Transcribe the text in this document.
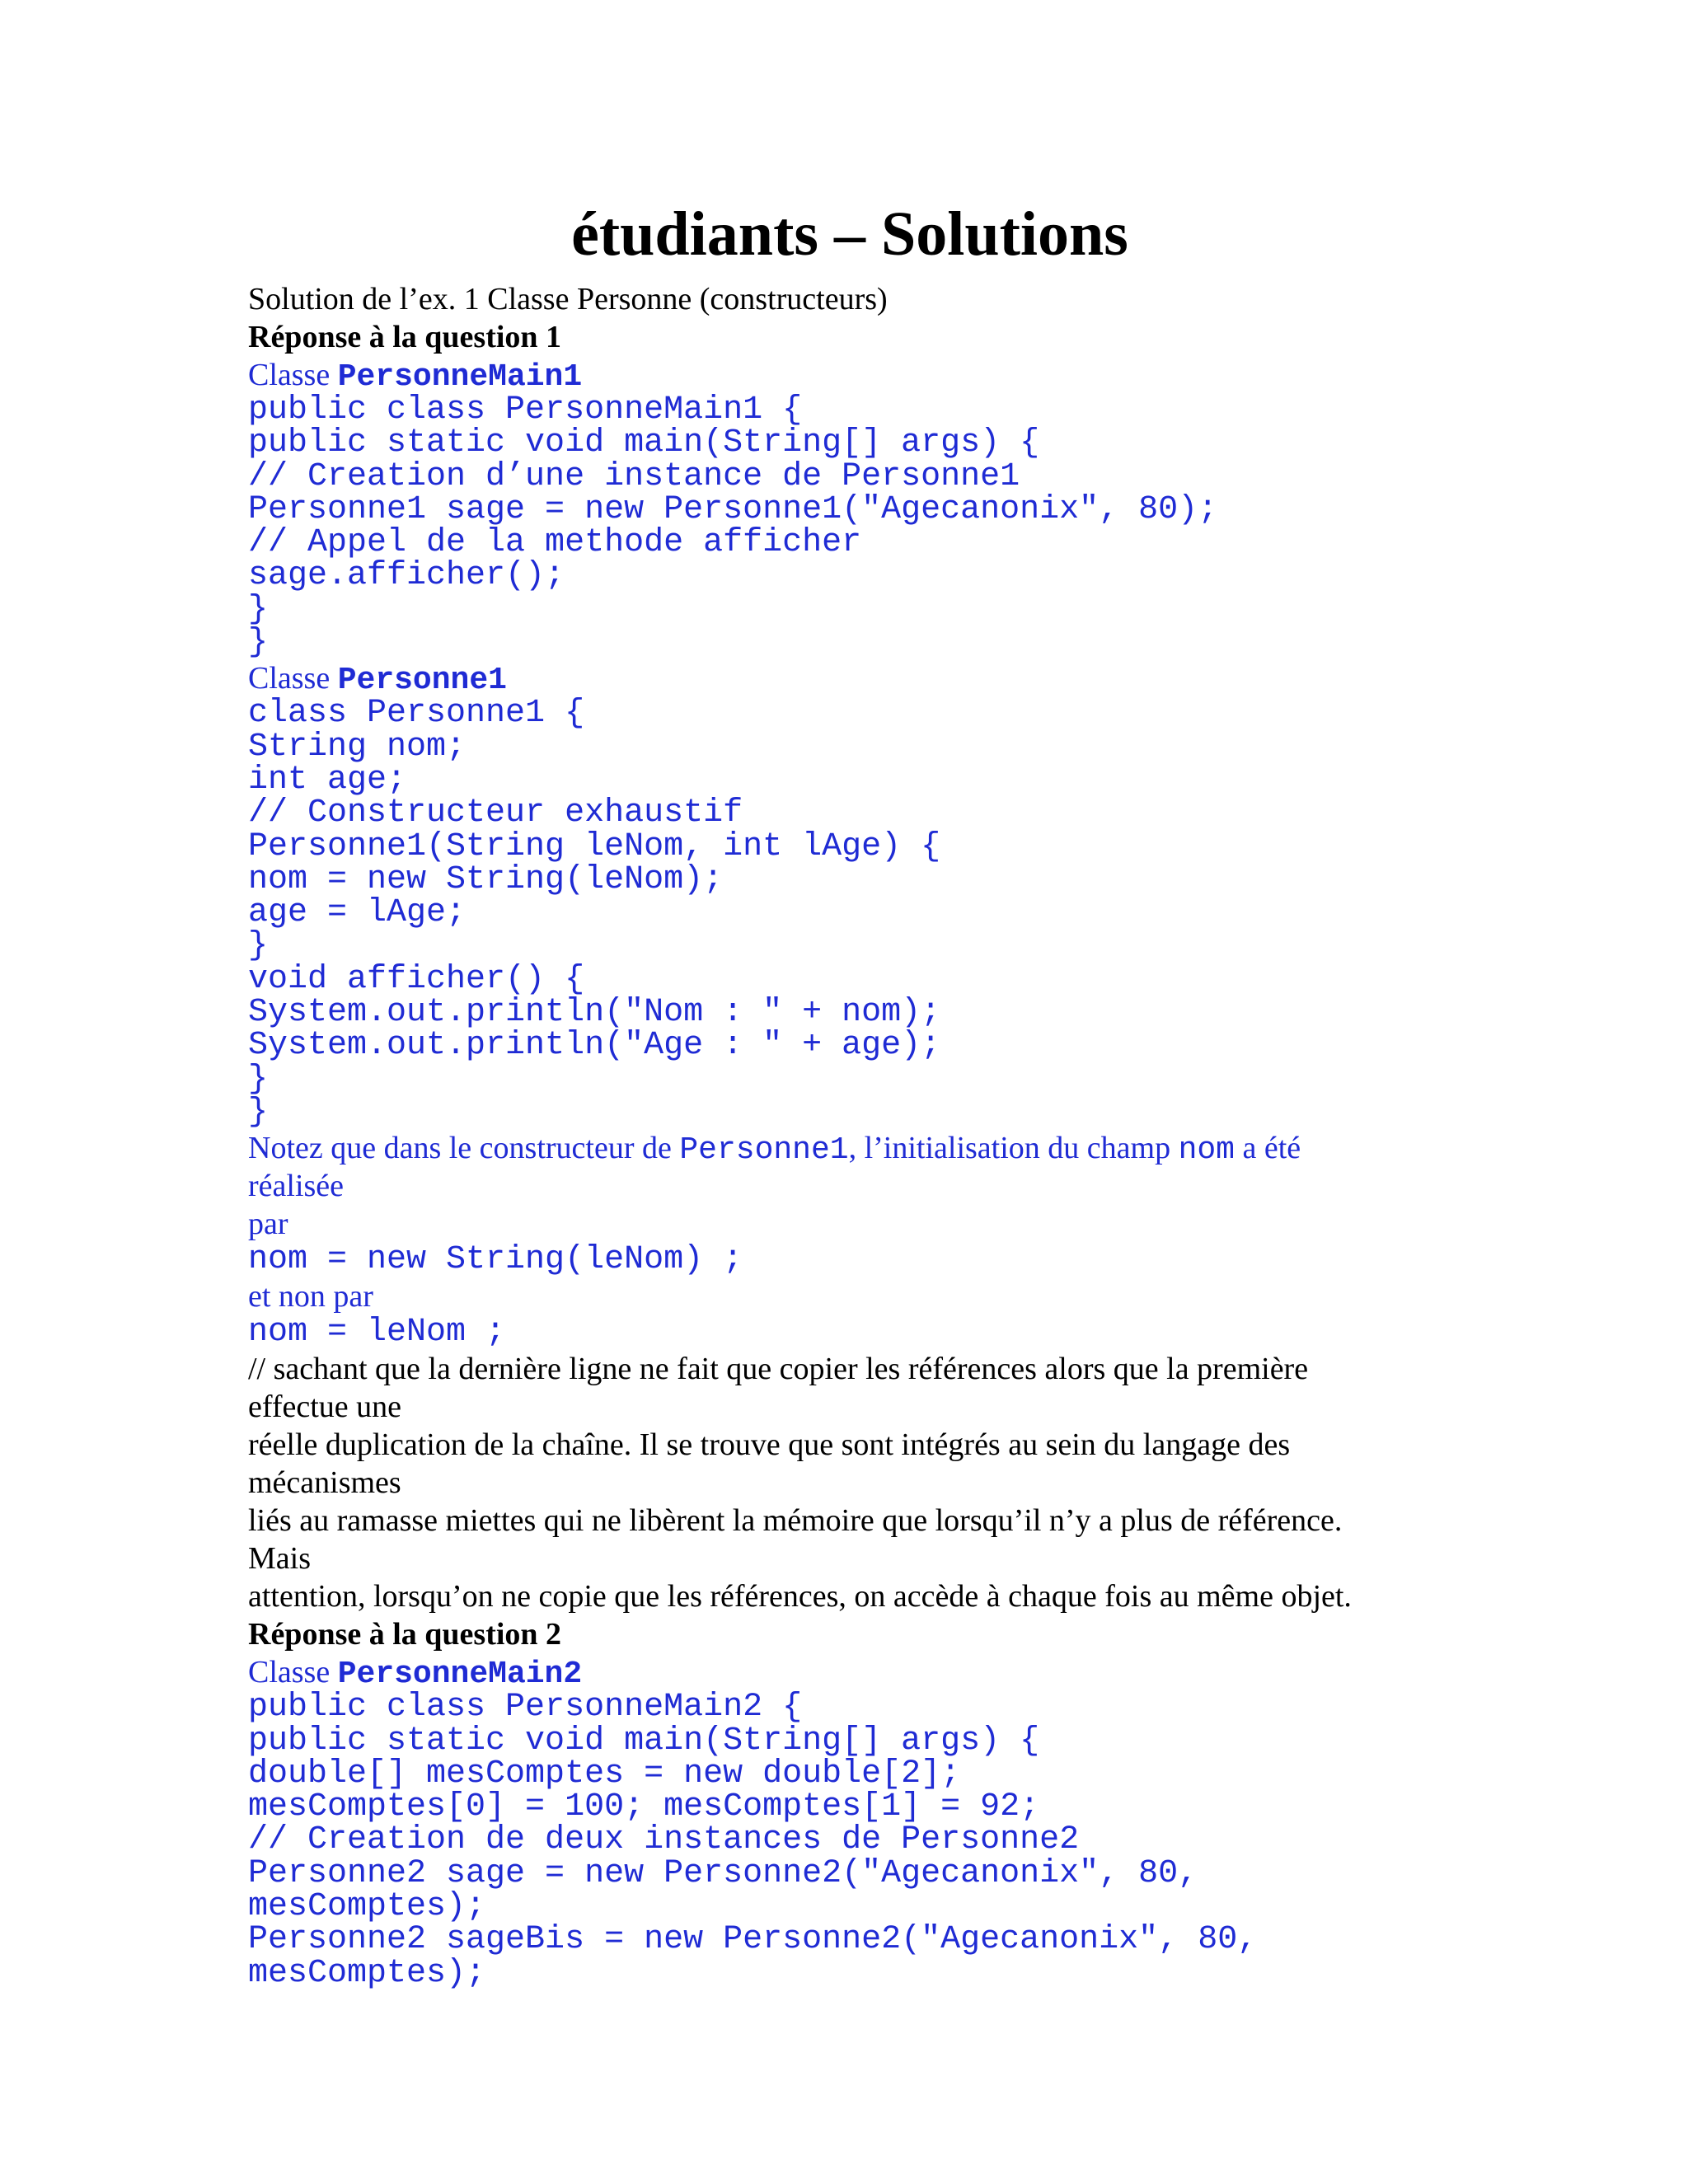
étudiants – Solutions
Solution de l’ex. 1 Classe Personne (constructeurs)
Réponse à la question 1
Classe PersonneMain1
public class PersonneMain1 {
public static void main(String[] args) {
// Creation d’une instance de Personne1
Personne1 sage = new Personne1("Agecanonix", 80);
// Appel de la methode afficher
sage.afficher();
}
}
Classe Personne1
class Personne1 {
String nom;
int age;
// Constructeur exhaustif
Personne1(String leNom, int lAge) {
nom = new String(leNom);
age = lAge;
}
void afficher() {
System.out.println("Nom : " + nom);
System.out.println("Age : " + age);
}
}
Notez que dans le constructeur de Personne1, l’initialisation du champ nom a été
réalisée
par
nom = new String(leNom) ;
et non par
nom = leNom ;
// sachant que la dernière ligne ne fait que copier les références alors que la première
effectue une
réelle duplication de la chaîne. Il se trouve que sont intégrés au sein du langage des
mécanismes
liés au ramasse miettes qui ne libèrent la mémoire que lorsqu’il n’y a plus de référence.
Mais
attention, lorsqu’on ne copie que les références, on accède à chaque fois au même objet.
Réponse à la question 2
Classe PersonneMain2
public class PersonneMain2 {
public static void main(String[] args) {
double[] mesComptes = new double[2];
mesComptes[0] = 100; mesComptes[1] = 92;
// Creation de deux instances de Personne2
Personne2 sage = new Personne2("Agecanonix", 80,
mesComptes);
Personne2 sageBis = new Personne2("Agecanonix", 80,
mesComptes);
